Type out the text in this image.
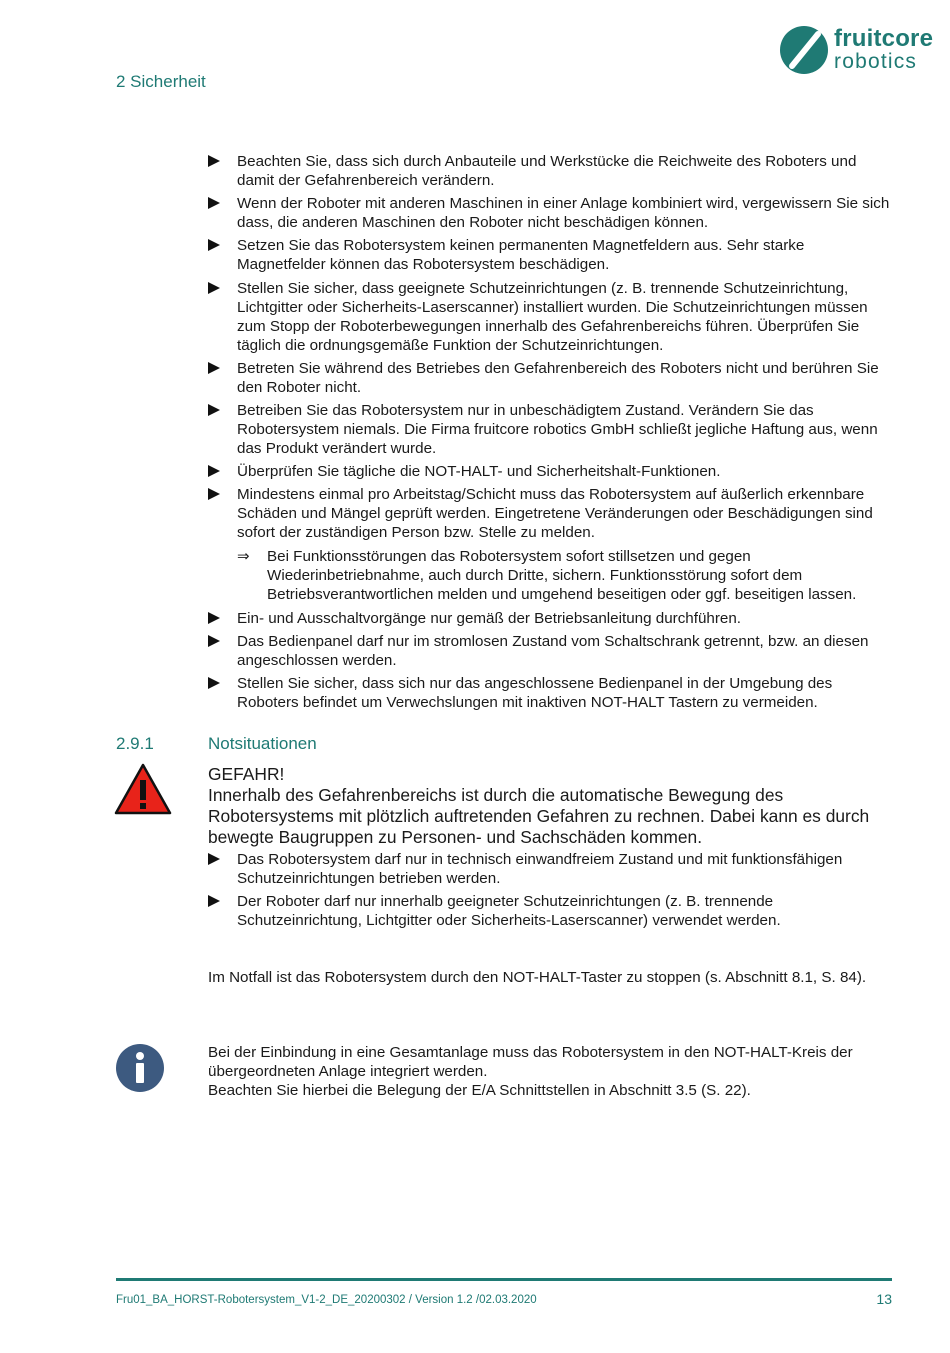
2 Sicherheit
fruitcore
robotics
Beachten Sie, dass sich durch Anbauteile und Werkstücke die Reichweite des Roboters und damit der Gefahrenbereich verändern.
Wenn der Roboter mit anderen Maschinen in einer Anlage kombiniert wird, vergewissern Sie sich dass, die anderen Maschinen den Roboter nicht beschädigen können.
Setzen Sie das Robotersystem keinen permanenten Magnetfeldern aus. Sehr starke Magnetfelder können das Robotersystem beschädigen.
Stellen Sie sicher, dass geeignete Schutzeinrichtungen (z. B. trennende Schutzeinrichtung, Lichtgitter oder Sicherheits-Laserscanner) installiert wurden. Die Schutzeinrichtungen müssen zum Stopp der Roboterbewegungen innerhalb des Gefahrenbereichs führen. Überprüfen Sie täglich die ordnungsgemäße Funktion der Schutzeinrichtungen.
Betreten Sie während des Betriebes den Gefahrenbereich des Roboters nicht und berühren Sie den Roboter nicht.
Betreiben Sie das Robotersystem nur in unbeschädigtem Zustand. Verändern Sie das Robotersystem niemals. Die Firma fruitcore robotics GmbH schließt jegliche Haftung aus, wenn das Produkt verändert wurde.
Überprüfen Sie tägliche die NOT-HALT- und Sicherheitshalt-Funktionen.
Mindestens einmal pro Arbeitstag/Schicht muss das Robotersystem auf äußerlich erkennbare Schäden und Mängel geprüft werden. Eingetretene Veränderungen oder Beschädigungen sind sofort der zuständigen Person bzw. Stelle zu melden.
⇒ Bei Funktionsstörungen das Robotersystem sofort stillsetzen und gegen Wiederinbetriebnahme, auch durch Dritte, sichern. Funktionsstörung sofort dem Betriebsverantwortlichen melden und umgehend beseitigen oder ggf. beseitigen lassen.
Ein- und Ausschaltvorgänge nur gemäß der Betriebsanleitung durchführen.
Das Bedienpanel darf nur im stromlosen Zustand vom Schaltschrank getrennt, bzw. an diesen angeschlossen werden.
Stellen Sie sicher, dass sich nur das angeschlossene Bedienpanel in der Umgebung des Roboters befindet um Verwechslungen mit inaktiven NOT-HALT Tastern zu vermeiden.
2.9.1	Notsituationen
GEFAHR!
Innerhalb des Gefahrenbereichs ist durch die automatische Bewegung des Robotersystems mit plötzlich auftretenden Gefahren zu rechnen. Dabei kann es durch bewegte Baugruppen zu Personen- und Sachschäden kommen.
Das Robotersystem darf nur in technisch einwandfreiem Zustand und mit funktionsfähigen Schutzeinrichtungen betrieben werden.
Der Roboter darf nur innerhalb geeigneter Schutzeinrichtungen (z. B. trennende Schutzeinrichtung, Lichtgitter oder Sicherheits-Laserscanner) verwendet werden.
Im Notfall ist das Robotersystem durch den NOT-HALT-Taster zu stoppen (s. Abschnitt 8.1, S. 84).
Bei der Einbindung in eine Gesamtanlage muss das Robotersystem in den NOT-HALT-Kreis der übergeordneten Anlage integriert werden.
Beachten Sie hierbei die Belegung der E/A Schnittstellen in Abschnitt 3.5 (S. 22).
Fru01_BA_HORST-Robotersystem_V1-2_DE_20200302 / Version 1.2 /02.03.2020	13
